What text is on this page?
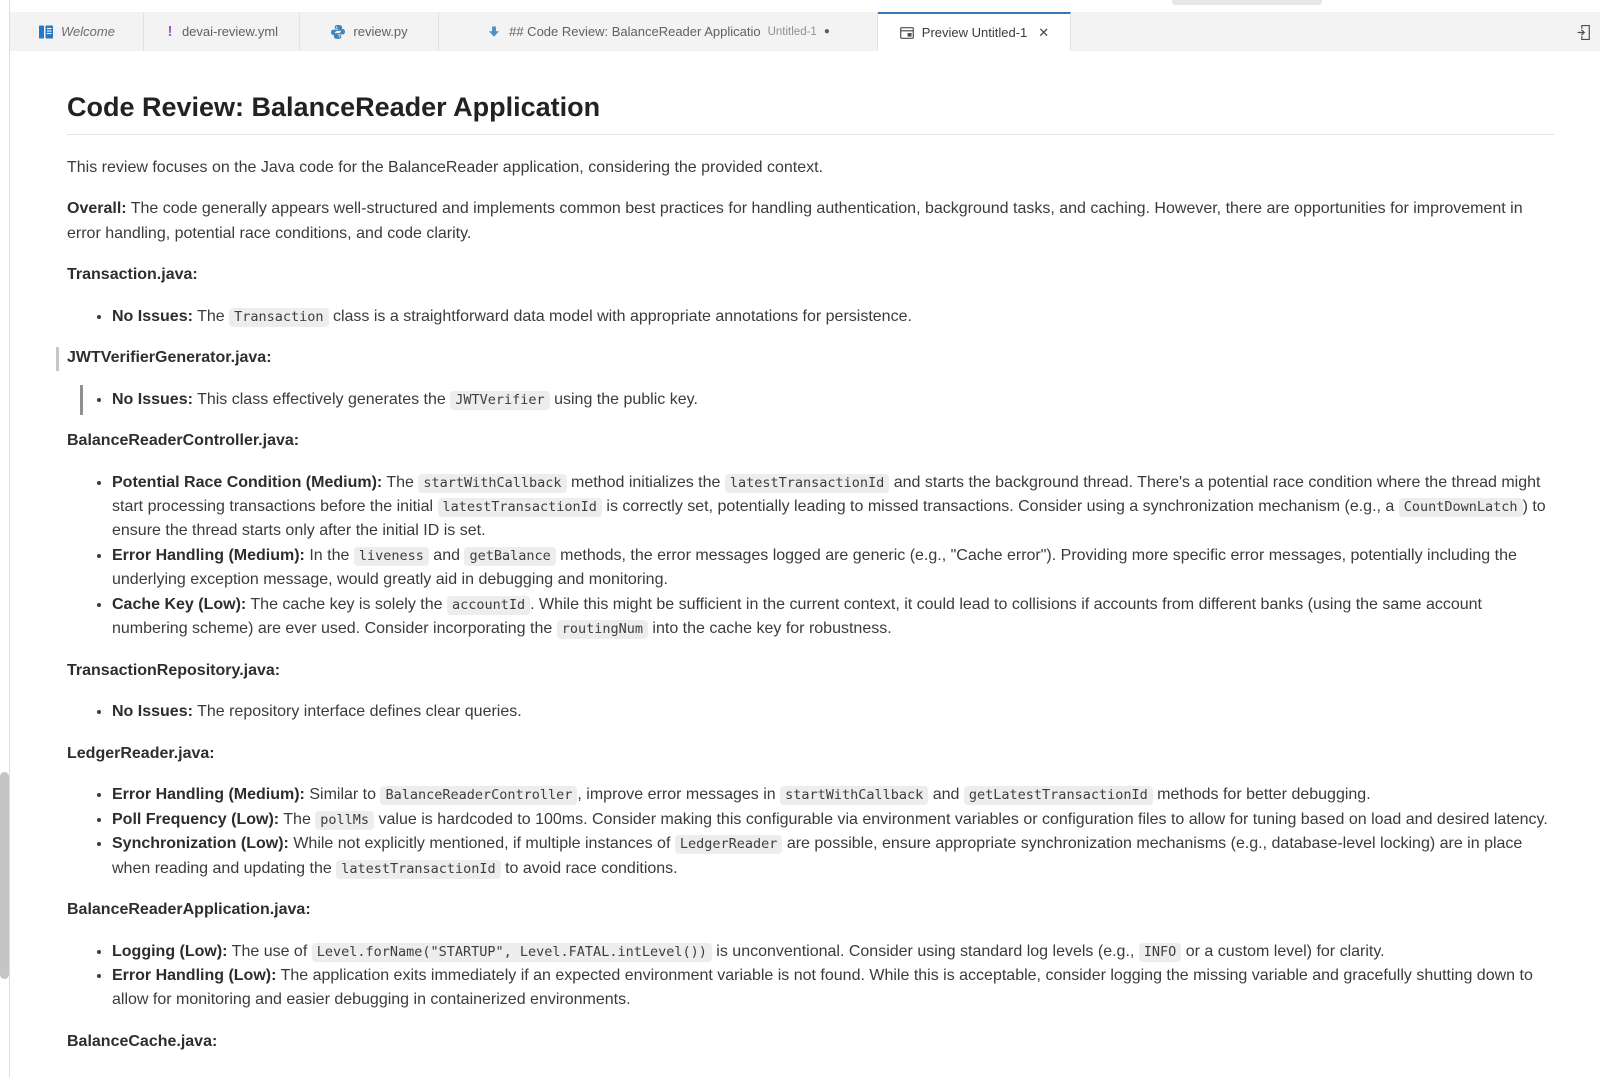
Welcome	! devai-review.yml	review.py	## Code Review: BalanceReader Applicatio Untitled-1 ●	Preview Untitled-1 ✕
Code Review: BalanceReader Application

This review focuses on the Java code for the BalanceReader application, considering the provided context.

Overall: The code generally appears well-structured and implements common best practices for handling authentication, background tasks, and caching. However, there are opportunities for improvement in error handling, potential race conditions, and code clarity.

Transaction.java:

• No Issues: The Transaction class is a straightforward data model with appropriate annotations for persistence.

JWTVerifierGenerator.java:

• No Issues: This class effectively generates the JWTVerifier using the public key.

BalanceReaderController.java:

• Potential Race Condition (Medium): The startWithCallback method initializes the latestTransactionId and starts the background thread. There's a potential race condition where the thread might start processing transactions before the initial latestTransactionId is correctly set, potentially leading to missed transactions. Consider using a synchronization mechanism (e.g., a CountDownLatch ) to ensure the thread starts only after the initial ID is set.
• Error Handling (Medium): In the liveness and getBalance methods, the error messages logged are generic (e.g., "Cache error"). Providing more specific error messages, potentially including the underlying exception message, would greatly aid in debugging and monitoring.
• Cache Key (Low): The cache key is solely the accountId . While this might be sufficient in the current context, it could lead to collisions if accounts from different banks (using the same account numbering scheme) are ever used. Consider incorporating the routingNum into the cache key for robustness.

TransactionRepository.java:

• No Issues: The repository interface defines clear queries.

LedgerReader.java:

• Error Handling (Medium): Similar to BalanceReaderController , improve error messages in startWithCallback and getLatestTransactionId methods for better debugging.
• Poll Frequency (Low): The pollMs value is hardcoded to 100ms. Consider making this configurable via environment variables or configuration files to allow for tuning based on load and desired latency.
• Synchronization (Low): While not explicitly mentioned, if multiple instances of LedgerReader are possible, ensure appropriate synchronization mechanisms (e.g., database-level locking) are in place when reading and updating the latestTransactionId to avoid race conditions.

BalanceReaderApplication.java:

• Logging (Low): The use of Level.forName("STARTUP", Level.FATAL.intLevel()) is unconventional. Consider using standard log levels (e.g., INFO or a custom level) for clarity.
• Error Handling (Low): The application exits immediately if an expected environment variable is not found. While this is acceptable, consider logging the missing variable and gracefully shutting down to allow for monitoring and easier debugging in containerized environments.

BalanceCache.java:
